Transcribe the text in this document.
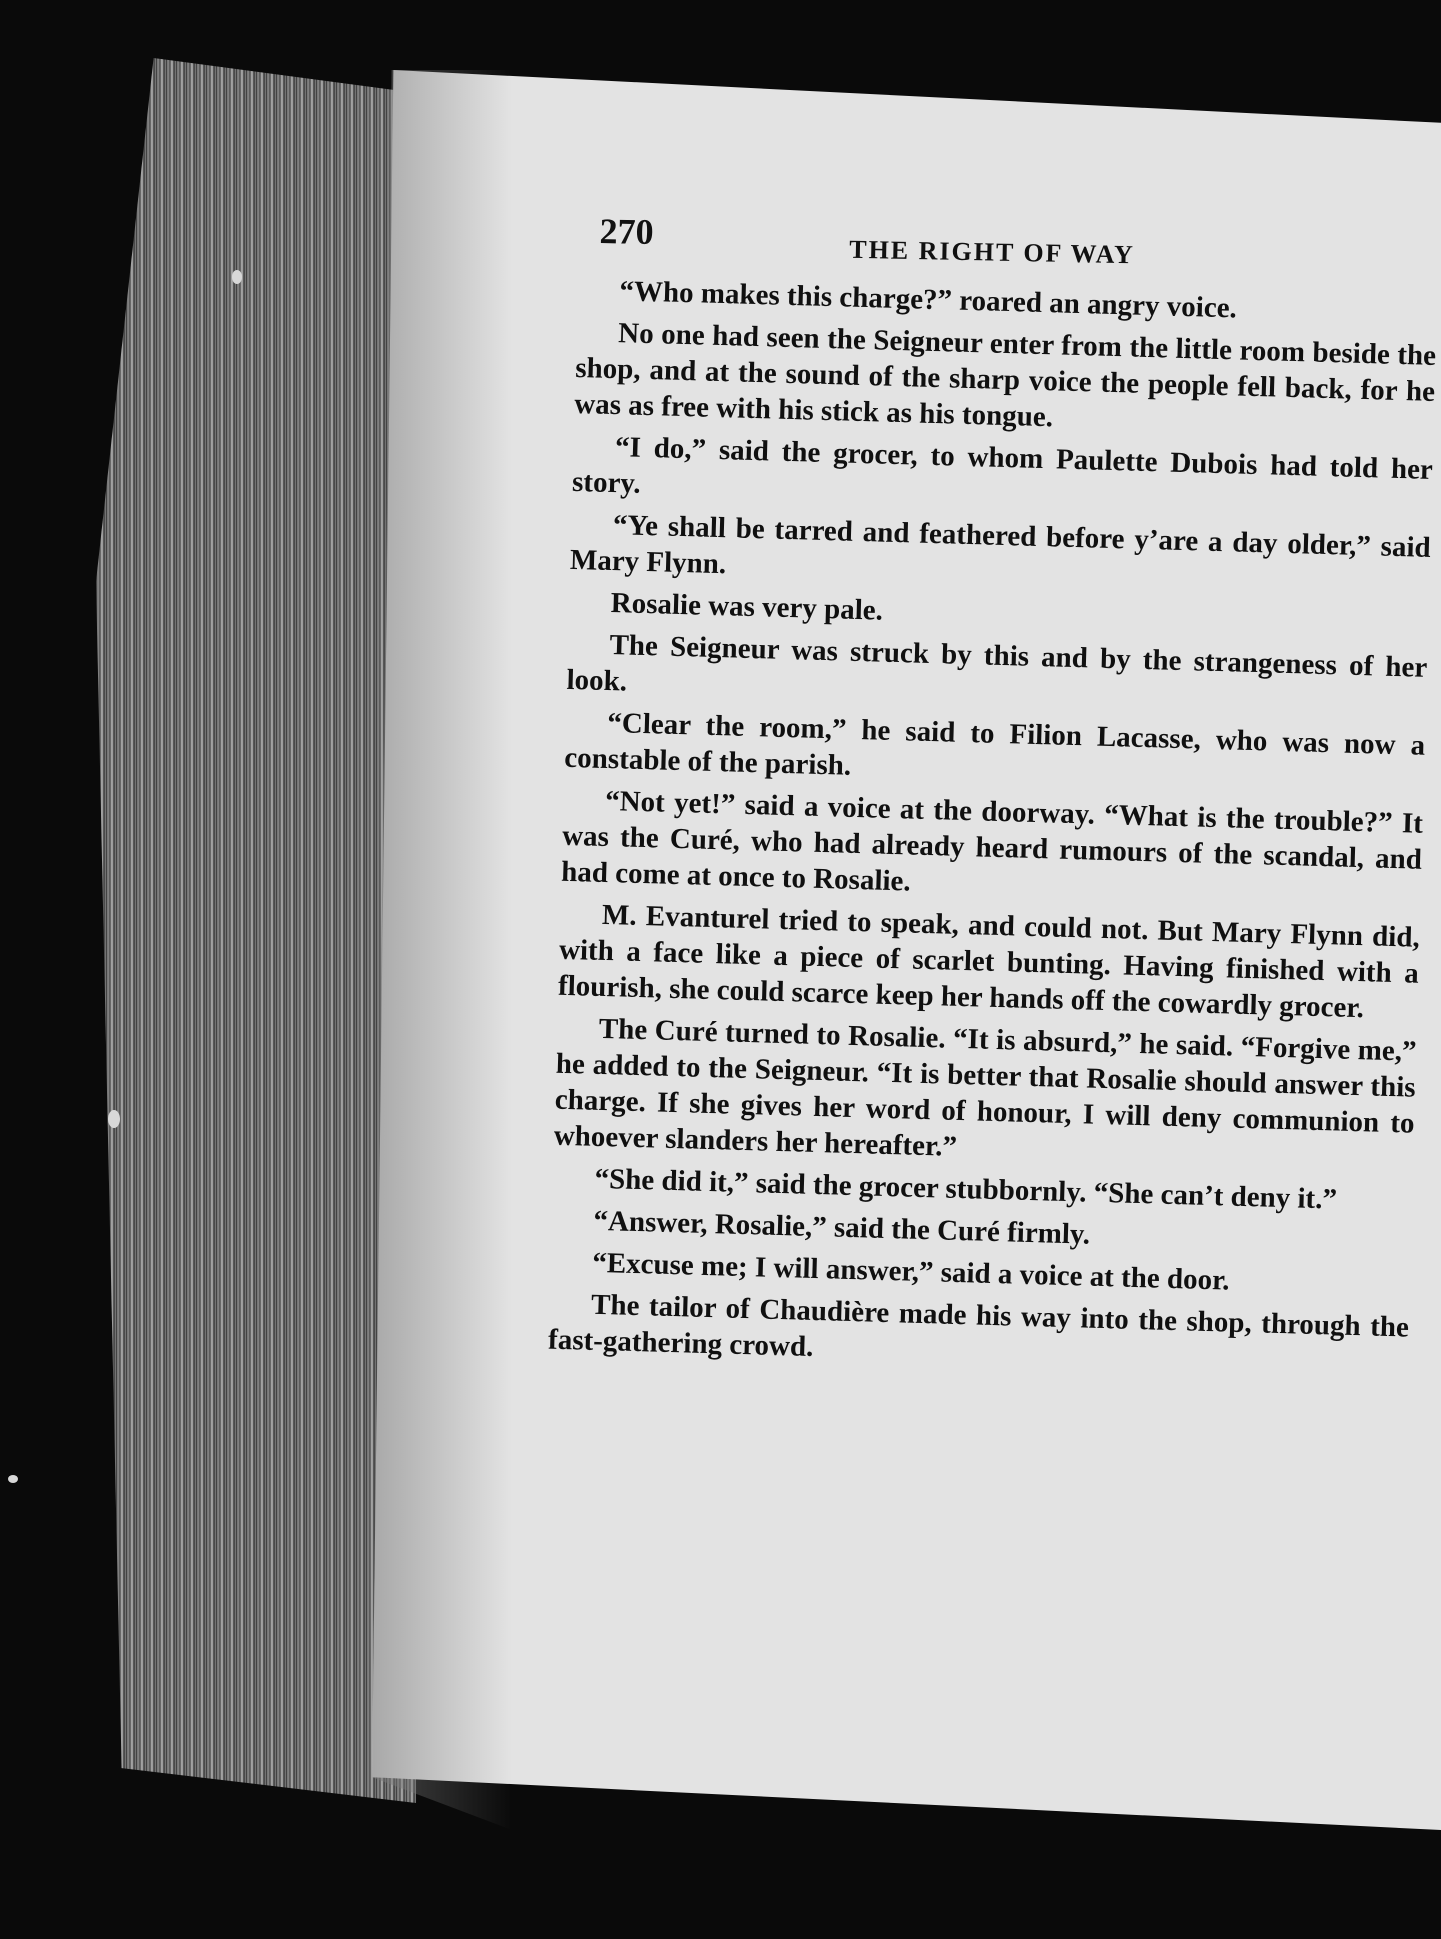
270
THE RIGHT OF WAY

“Who makes this charge?” roared an angry voice.

No one had seen the Seigneur enter from the little room beside the shop, and at the sound of the sharp voice the people fell back, for he was as free with his stick as his tongue.

“I do,” said the grocer, to whom Paulette Dubois had told her story.

“Ye shall be tarred and feathered before y’are a day older,” said Mary Flynn.

Rosalie was very pale.

The Seigneur was struck by this and by the strangeness of her look.

“Clear the room,” he said to Filion Lacasse, who was now a constable of the parish.

“Not yet!” said a voice at the doorway. “What is the trouble?” It was the Curé, who had already heard rumours of the scandal, and had come at once to Rosalie.

M. Evanturel tried to speak, and could not. But Mary Flynn did, with a face like a piece of scarlet bunting. Having finished with a flourish, she could scarce keep her hands off the cowardly grocer.

The Curé turned to Rosalie. “It is absurd,” he said. “Forgive me,” he added to the Seigneur. “It is better that Rosalie should answer this charge. If she gives her word of honour, I will deny communion to whoever slanders her hereafter.”

“She did it,” said the grocer stubbornly. “She can’t deny it.”

“Answer, Rosalie,” said the Curé firmly.

“Excuse me; I will answer,” said a voice at the door.

The tailor of Chaudière made his way into the shop, through the fast-gathering crowd.
